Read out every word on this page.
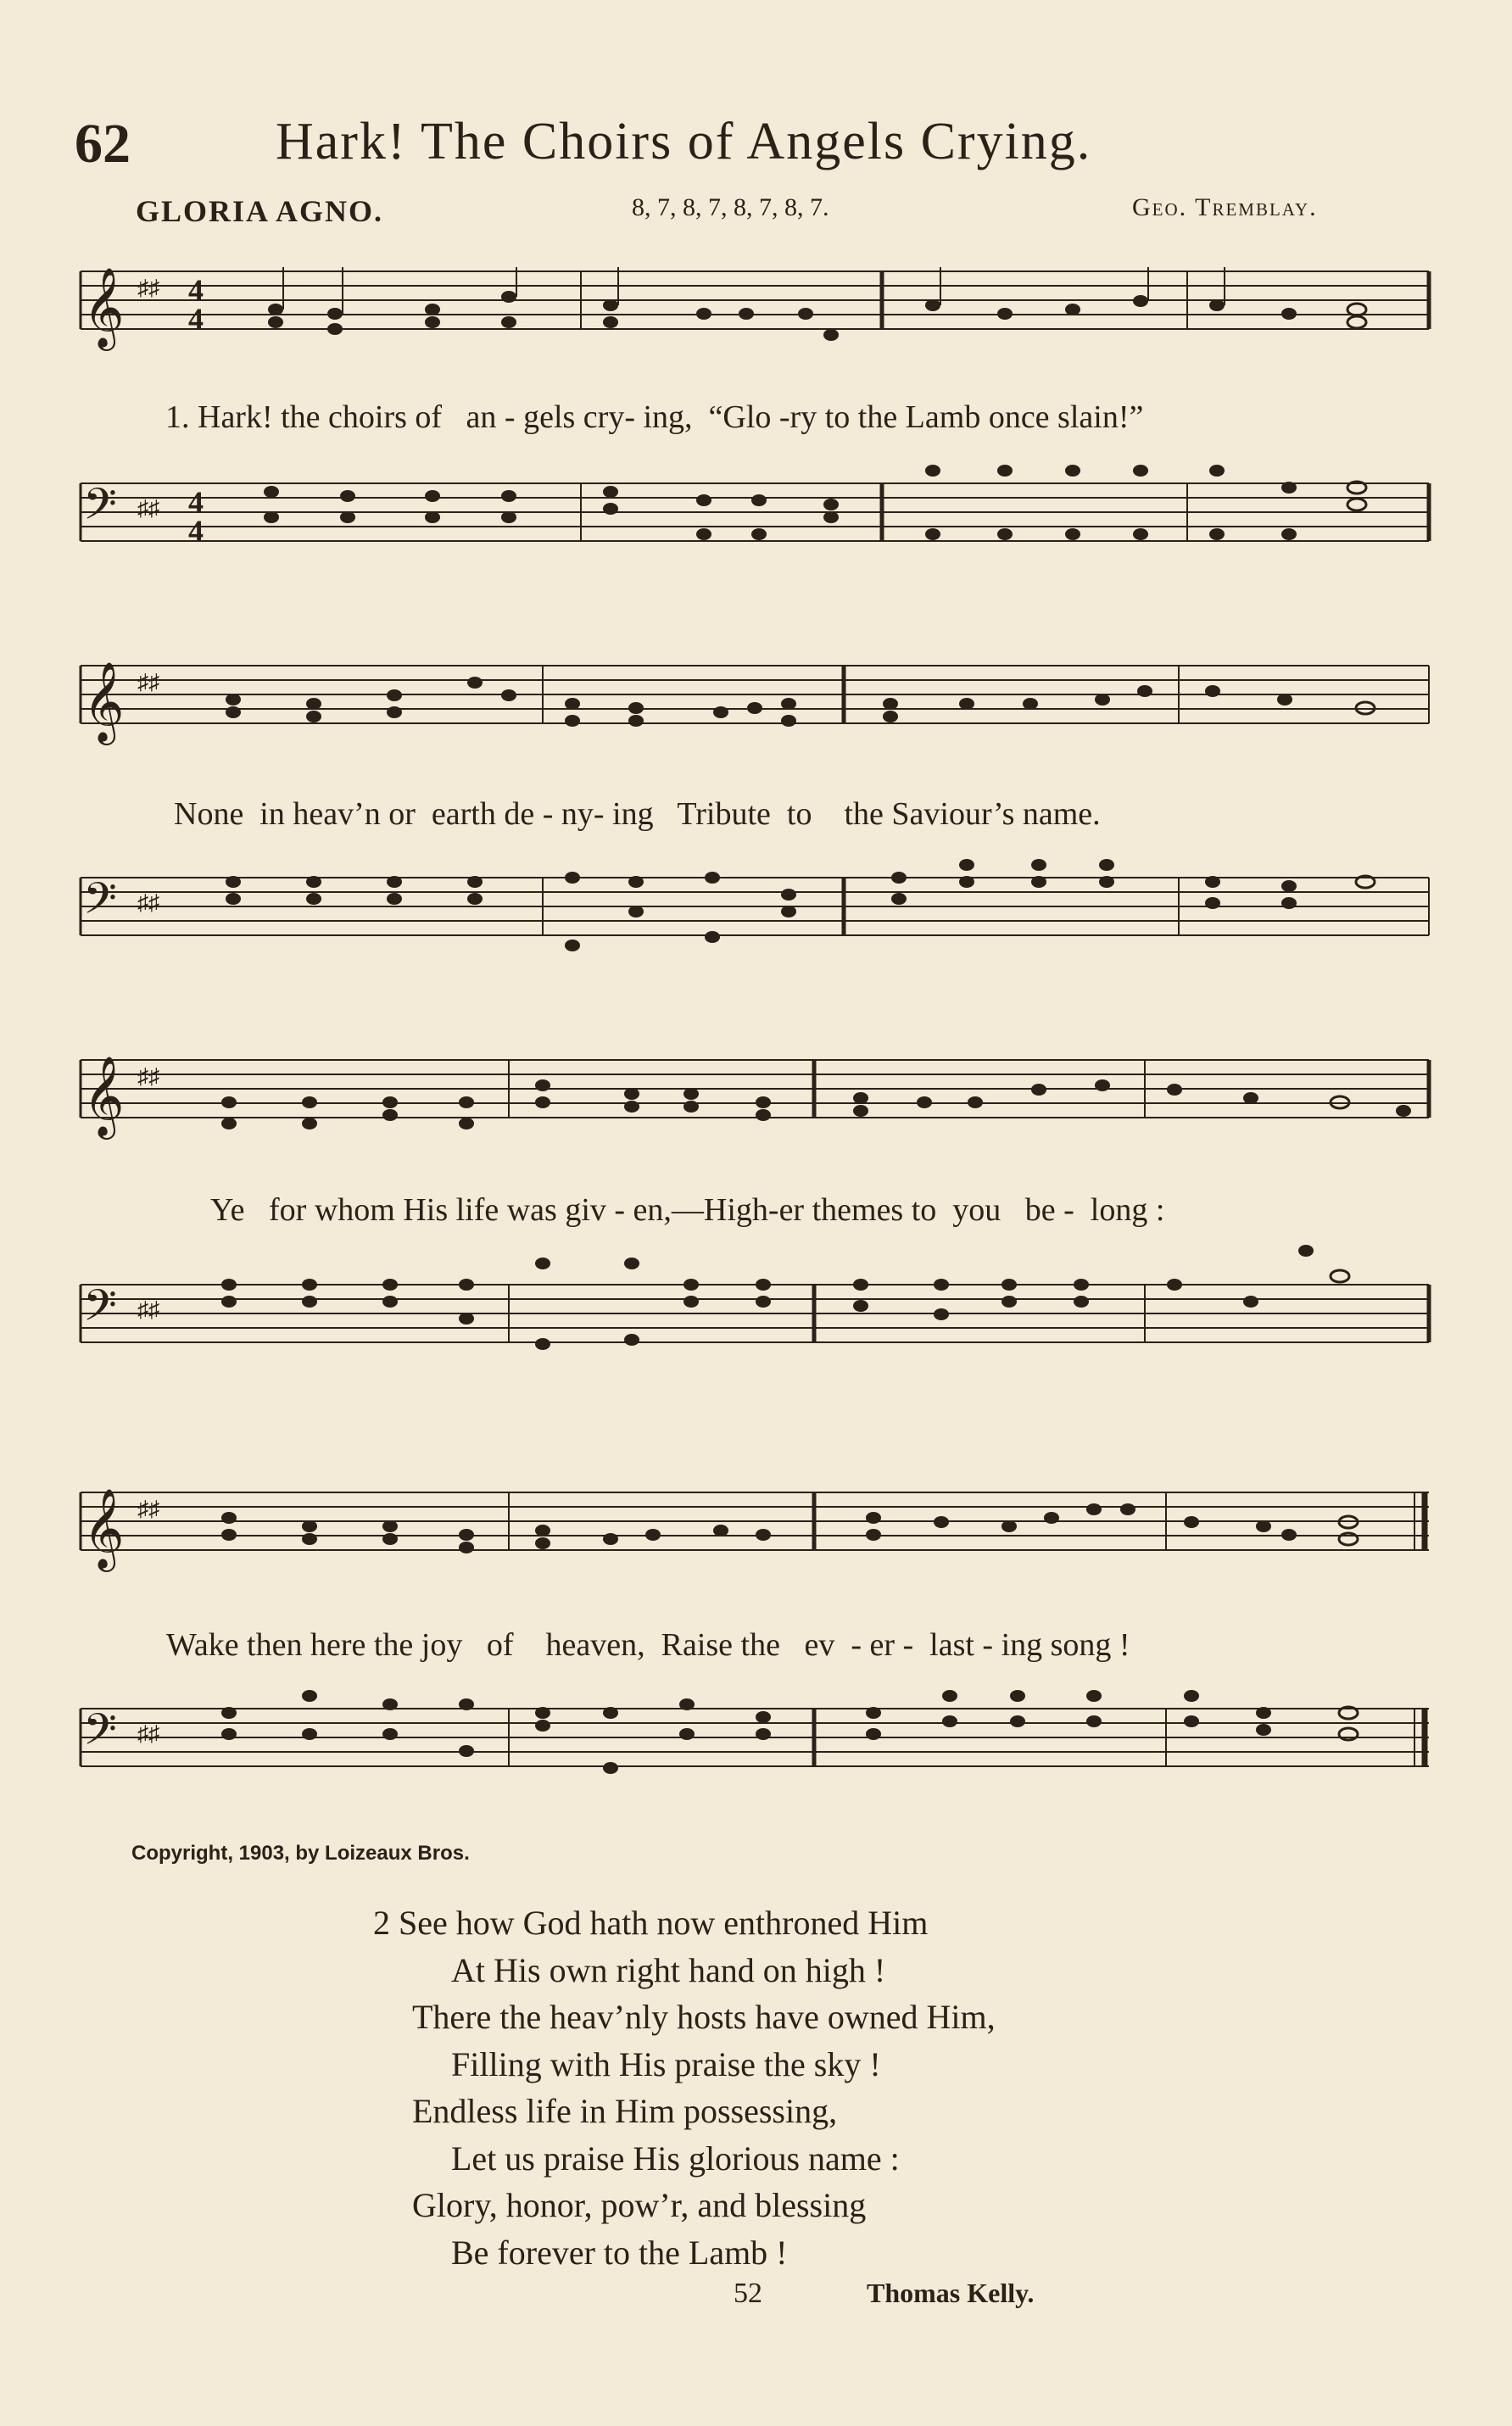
62	Hark! The Choirs of Angels Crying.
GLORIA AGNO.	8, 7, 8, 7, 8, 7, 8, 7.	Geo. Tremblay.
𝄞 ♯♯ 4
4
1. Hark! the choirs of   an - gels cry- ing,  “Glo -ry to the Lamb once slain!”
𝄢 ♯♯ 4
4
𝄞 ♯♯
None  in heav’n or  earth de - ny- ing   Tribute  to    the Saviour’s name.
𝄢 ♯♯
𝄞 ♯♯
Ye   for whom His life was giv - en,—High-er themes to  you   be -  long :
𝄢 ♯♯
𝄞 ♯♯
Wake then here the joy   of    heaven,  Raise the   ev  - er -  last - ing song !
𝄢 ♯♯
Copyright, 1903, by Loizeaux Bros.
2 See how God hath now enthroned Him
At His own right hand on high !
There the heav’nly hosts have owned Him,
Filling with His praise the sky !
Endless life in Him possessing,
Let us praise His glorious name :
Glory, honor, pow’r, and blessing
Be forever to the Lamb !
52	Thomas Kelly.
